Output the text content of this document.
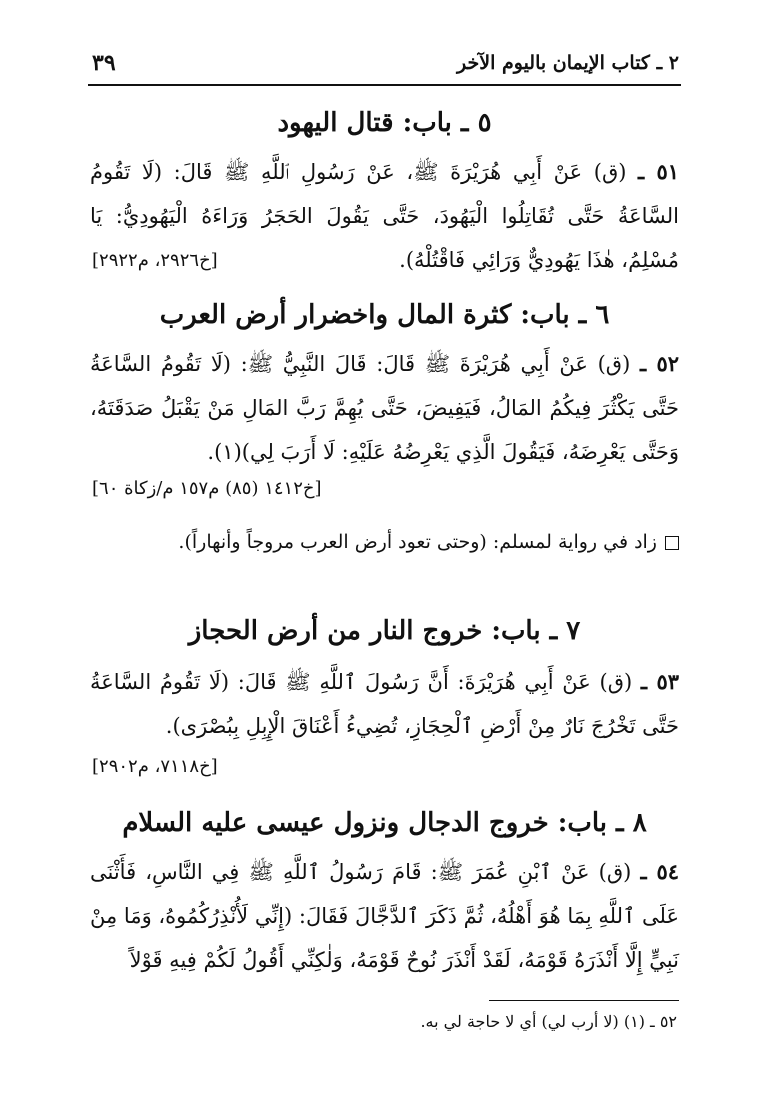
٢ ـ كتاب الإيمان باليوم الآخر
٣٩
٥ ـ باب: قتال اليهود
٥١ ـ (ق) عَنْ أَبِي هُرَيْرَةَ ﷺ، عَنْ رَسُولِ ٱللَّهِ ﷺ قَالَ: (لَا تَقُومُ السَّاعَةُ حَتَّى تُقَاتِلُوا الْيَهُودَ، حَتَّى يَقُولَ الحَجَرُ وَرَاءَهُ الْيَهُودِيُّ: يَا مُسْلِمُ، هٰذَا يَهُودِيٌّ وَرَائِي فَاقْتُلْهُ).
[خ٢٩٢٦، م٢٩٢٢]
٦ ـ باب: كثرة المال واخضرار أرض العرب
٥٢ ـ (ق) عَنْ أَبِي هُرَيْرَةَ ﷺ قَالَ: قَالَ النَّبِيُّ ﷺ: (لَا تَقُومُ السَّاعَةُ حَتَّى يَكْثُرَ فِيكُمُ المَالُ، فَيَفِيضَ، حَتَّى يُهِمَّ رَبَّ المَالِ مَنْ يَقْبَلُ صَدَقَتَهُ، وَحَتَّى يَعْرِضَهُ، فَيَقُولَ الَّذِي يَعْرِضُهُ عَلَيْهِ: لَا أَرَبَ لِي)(١).
[خ١٤١٢ (٨٥) م١٥٧ م/زكاة ٦٠]
زاد في رواية لمسلم: (وحتى تعود أرض العرب مروجاً وأنهاراً).
٧ ـ باب: خروج النار من أرض الحجاز
٥٣ ـ (ق) عَنْ أَبِي هُرَيْرَةَ: أَنَّ رَسُولَ ٱللَّهِ ﷺ قَالَ: (لَا تَقُومُ السَّاعَةُ حَتَّى تَخْرُجَ نَارٌ مِنْ أَرْضِ ٱلْحِجَازِ، تُضِيءُ أَعْنَاقَ الْإِبِلِ بِبُصْرَى).
[خ٧١١٨، م٢٩٠٢]
٨ ـ باب: خروج الدجال ونزول عيسى عليه السلام
٥٤ ـ (ق) عَنْ ٱبْنِ عُمَرَ ﷺ: قَامَ رَسُولُ ٱللَّهِ ﷺ فِي النَّاسِ، فَأَثْنَى عَلَى ٱللَّهِ بِمَا هُوَ أَهْلُهُ، ثُمَّ ذَكَرَ ٱلدَّجَّالَ فَقَالَ: (إِنِّي لَأُنْذِرُكُمُوهُ، وَمَا مِنْ نَبِيٍّ إِلَّا أَنْذَرَهُ قَوْمَهُ، لَقَدْ أَنْذَرَ نُوحٌ قَوْمَهُ، وَلٰكِنِّي أَقُولُ لَكُمْ فِيهِ قَوْلاً
٥٢ ـ (١) (لا أرب لي) أي لا حاجة لي به.
